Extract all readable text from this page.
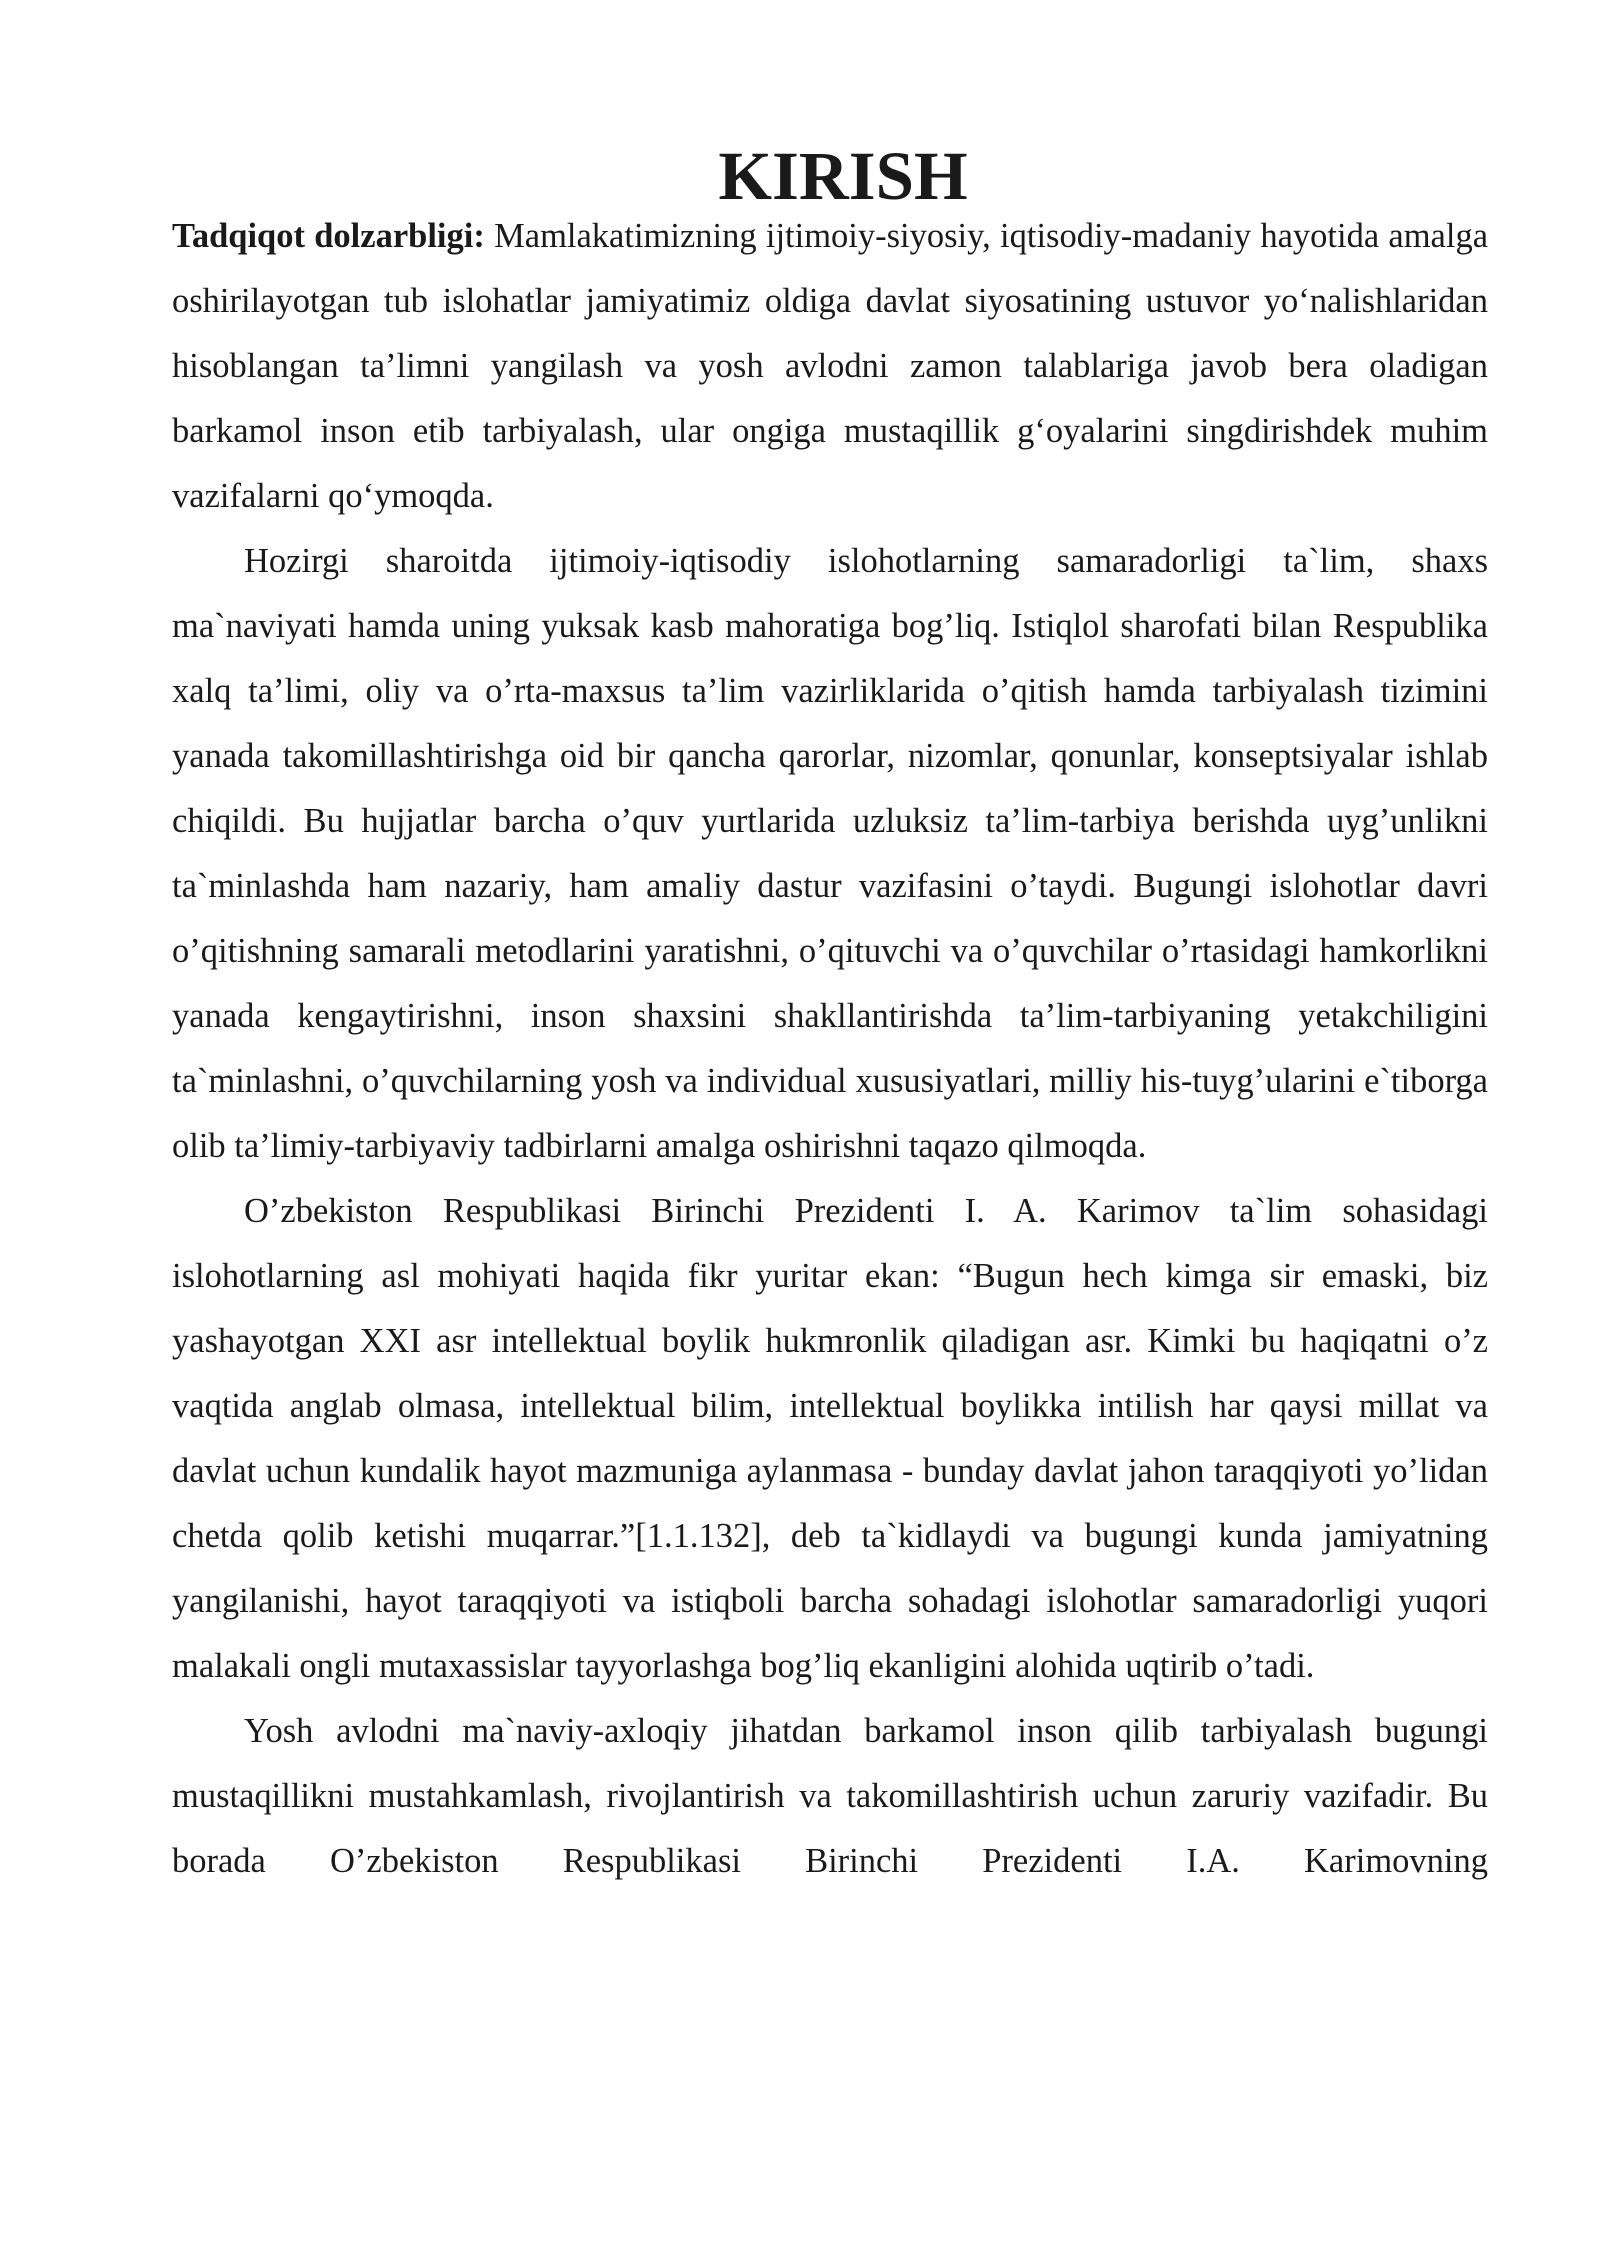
KIRISH

Tadqiqot dolzarbligi: Mamlakatimizning ijtimoiy-siyosiy, iqtisodiy-madaniy hayotida amalga oshirilayotgan tub islohatlar jamiyatimiz oldiga davlat siyosatining ustuvor yo‘nalishlaridan hisoblangan ta’limni yangilash va yosh avlodni zamon talablariga javob bera oladigan barkamol inson etib tarbiyalash, ular ongiga mustaqillik g‘oyalarini singdirishdek muhim vazifalarni qo‘ymoqda.

Hozirgi sharoitda ijtimoiy-iqtisodiy islohotlarning samaradorligi ta`lim, shaxs ma`naviyati hamda uning yuksak kasb mahoratiga bog’liq. Istiqlol sharofati bilan Respublika xalq ta’limi, oliy va o’rta-maxsus ta’lim vazirliklarida o’qitish hamda tarbiyalash tizimini yanada takomillashtirishga oid bir qancha qarorlar, nizomlar, qonunlar, konseptsiyalar ishlab chiqildi. Bu hujjatlar barcha o’quv yurtlarida uzluksiz ta’lim-tarbiya berishda uyg’unlikni ta`minlashda ham nazariy, ham amaliy dastur vazifasini o’taydi. Bugungi islohotlar davri o’qitishning samarali metodlarini yaratishni, o’qituvchi va o’quvchilar o’rtasidagi hamkorlikni yanada kengaytirishni, inson shaxsini shakllantirishda ta’lim-tarbiyaning yetakchiligini ta`minlashni, o’quvchilarning yosh va individual xususiyatlari, milliy his-tuyg’ularini e`tiborga olib ta’limiy-tarbiyaviy tadbirlarni amalga oshirishni taqazo qilmoqda.

O’zbekiston Respublikasi Birinchi Prezidenti I. A. Karimov ta`lim sohasidagi islohotlarning asl mohiyati haqida fikr yuritar ekan: “Bugun hech kimga sir emaski, biz yashayotgan XXI asr intellektual boylik hukmronlik qiladigan asr. Kimki bu haqiqatni o’z vaqtida anglab olmasa, intellektual bilim, intellektual boylikka intilish har qaysi millat va davlat uchun kundalik hayot mazmuniga aylanmasa - bunday davlat jahon taraqqiyoti yo’lidan chetda qolib ketishi muqarrar.”[1.1.132], deb ta`kidlaydi va bugungi kunda jamiyatning yangilanishi, hayot taraqqiyoti va istiqboli barcha sohadagi islohotlar samaradorligi yuqori malakali ongli mutaxassislar tayyorlashga bog’liq ekanligini alohida uqtirib o’tadi.

Yosh avlodni ma`naviy-axloqiy jihatdan barkamol inson qilib tarbiyalash bugungi mustaqillikni mustahkamlash, rivojlantirish va takomillashtirish uchun zaruriy vazifadir. Bu borada O’zbekiston Respublikasi Birinchi Prezidenti I.A. Karimovning
